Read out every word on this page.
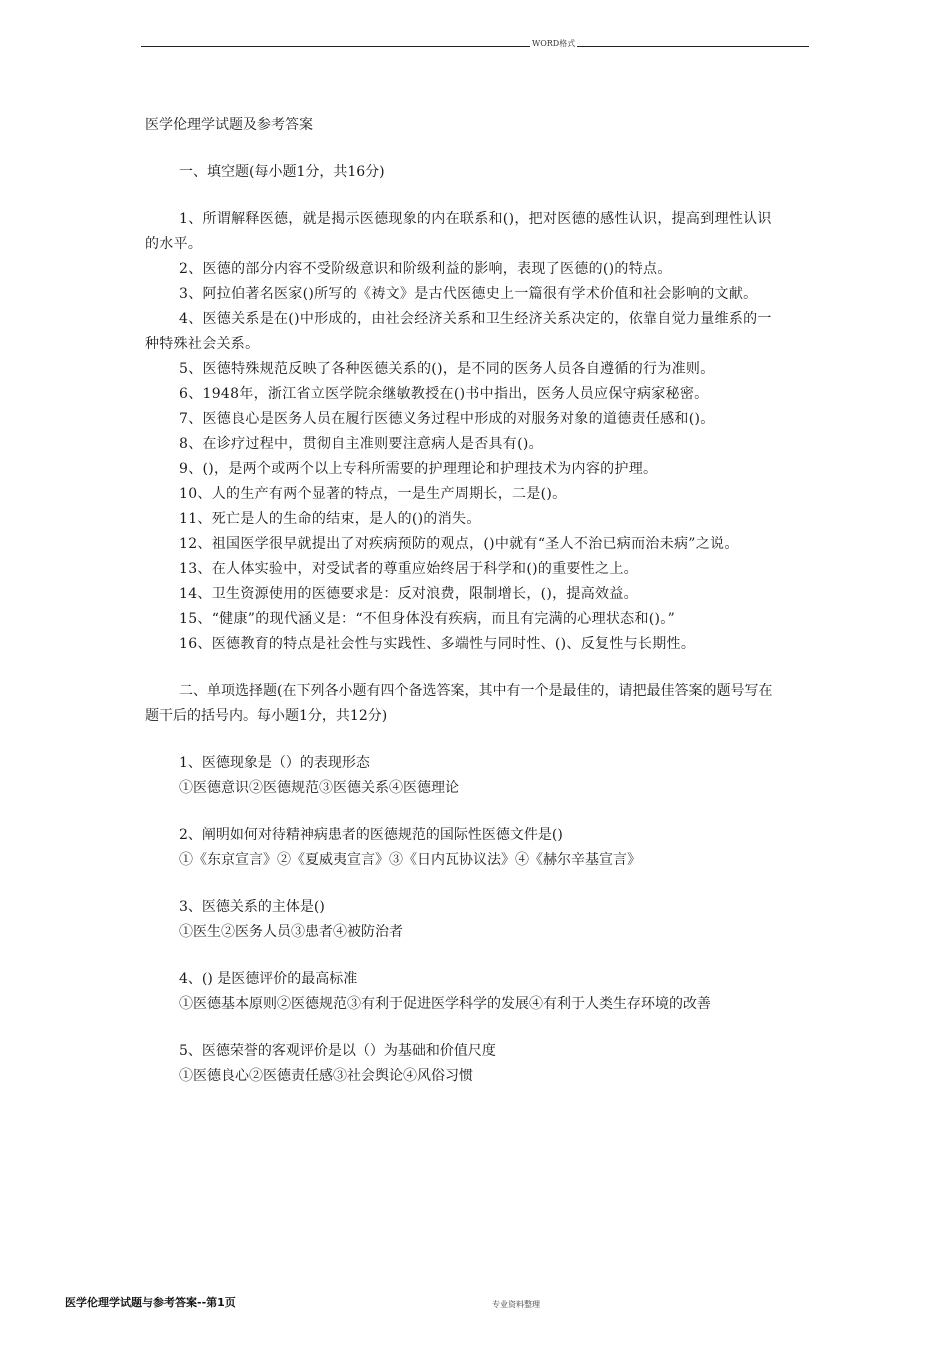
WORD格式
医学伦理学试题及参考答案
一、填空题(每小题1分，共16分)
1、所谓解释医德，就是揭示医德现象的内在联系和()，把对医德的感性认识，提高到理性认识的水平。
2、医德的部分内容不受阶级意识和阶级利益的影响，表现了医德的()的特点。
3、阿拉伯著名医家()所写的《祷文》是古代医德史上一篇很有学术价值和社会影响的文献。
4、医德关系是在()中形成的，由社会经济关系和卫生经济关系决定的，依靠自觉力量维系的一种特殊社会关系。
5、医德特殊规范反映了各种医德关系的()，是不同的医务人员各自遵循的行为准则。
6、1948年，浙江省立医学院余继敏教授在()书中指出，医务人员应保守病家秘密。
7、医德良心是医务人员在履行医德义务过程中形成的对服务对象的道德责任感和()。
8、在诊疗过程中，贯彻自主准则要注意病人是否具有()。
9、()，是两个或两个以上专科所需要的护理理论和护理技术为内容的护理。
10、人的生产有两个显著的特点，一是生产周期长，二是()。
11、死亡是人的生命的结束，是人的()的消失。
12、祖国医学很早就提出了对疾病预防的观点，()中就有“圣人不治已病而治未病”之说。
13、在人体实验中，对受试者的尊重应始终居于科学和()的重要性之上。
14、卫生资源使用的医德要求是：反对浪费，限制增长，()，提高效益。
15、“健康”的现代涵义是：“不但身体没有疾病，而且有完满的心理状态和()。”
16、医德教育的特点是社会性与实践性、多端性与同时性、()、反复性与长期性。
二、单项选择题(在下列各小题有四个备选答案，其中有一个是最佳的，请把最佳答案的题号写在题干后的括号内。每小题1分，共12分)
1、医德现象是（）的表现形态
①医德意识②医德规范③医德关系④医德理论
2、阐明如何对待精神病患者的医德规范的国际性医德文件是()
①《东京宣言》②《夏威夷宣言》③《日内瓦协议法》④《赫尔辛基宣言》
3、医德关系的主体是()
①医生②医务人员③患者④被防治者
4、() 是医德评价的最高标准
①医德基本原则②医德规范③有利于促进医学科学的发展④有利于人类生存环境的改善
5、医德荣誉的客观评价是以（）为基础和价值尺度
①医德良心②医德责任感③社会舆论④风俗习惯
医学伦理学试题与参考答案--第1页	专业资料整理
